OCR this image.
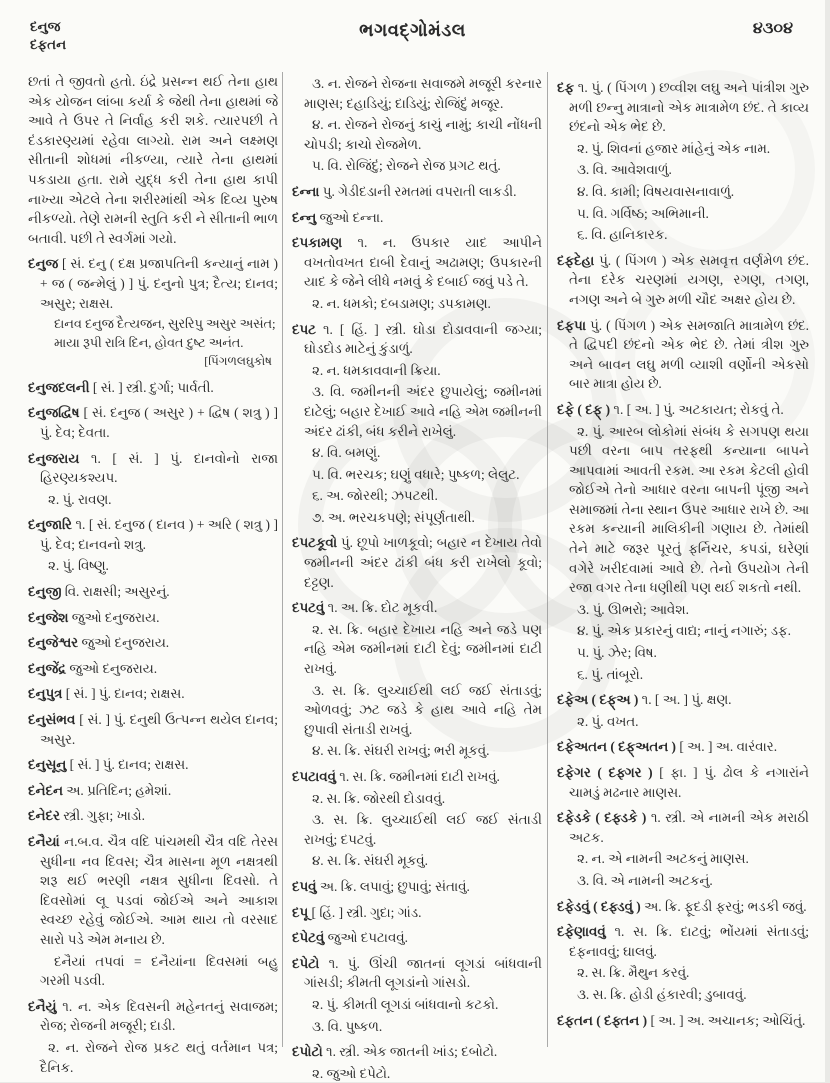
દનુજ
દફતન
ભગવદ્ગોમંડલ	૪૩૦૪

છતાં તે જીવતો હતો. ઇંદ્રે પ્રસન્ન થઈ તેના હાથ એક યોજન લાંબા કર્યા કે જેથી તેના હાથમાં જે આવે તે ઉપર તે નિર્વાહ કરી શકે. ત્યારપછી તે દંડકારણ્યમાં રહેવા લાગ્યો. રામ અને લક્ષ્મણ સીતાની શોધમાં નીકળ્યા, ત્યારે તેના હાથમાં પકડાયા હતા. રામે યુદ્ધ કરી તેના હાથ કાપી નાખ્યા એટલે તેના શરીરમાંથી એક દિવ્ય પુરુષ નીકળ્યો. તેણે રામની સ્તુતિ કરી ને સીતાની ભાળ બતાવી. પછી તે સ્વર્ગમાં ગયો.

દનુજ [ સં. દનુ ( દક્ષ પ્રજાપતિની કન્યાનું નામ ) + જ ( જન્મેલું ) ] પું. દનુનો પુત્ર; દૈત્ય; દાનવ; અસુર; રાક્ષસ.

દાનવ દનુજ દૈત્યજન, સુરરિપુ અસુર અસંત;
માયા રૂપી રાત્રિ દિન, હોવત દુષ્ટ અનંત.

[પિંગળલઘુકોષ

દનુજદલની [ સં. ] સ્ત્રી. દુર્ગા; પાર્વતી.

દનુજદ્વિષ [ સં. દનુજ ( અસુર ) + દ્વિષ ( શત્રુ ) ] પું. દેવ; દેવતા.

દનુજરાય ૧. [ સં. ] પું. દાનવોનો રાજા હિરણ્યકશ્યપ.

૨. પું. રાવણ.

દનુજારિ ૧. [ સં. દનુજ ( દાનવ ) + અરિ ( શત્રુ ) ] પું. દેવ; દાનવનો શત્રુ.

૨. પું. વિષ્ણુ.

દનુજી વિ. રાક્ષસી; અસુરનું.

દનુજેશ જુઓ દનુજરાય.

દનુજેશ્વર જુઓ દનુજરાય.

દનુજેંદ્ર જુઓ દનુજરાય.

દનુપુત્ર [ સં. ] પું. દાનવ; રાક્ષસ.

દનુસંભવ [ સં. ] પું. દનુથી ઉત્પન્ન થયેલ દાનવ; અસુર.

દનુસૂનુ [ સં. ] પું. દાનવ; રાક્ષસ.

દનેદન અ. પ્રતિદિન; હમેશાં.

દનેદર સ્ત્રી. ગુફા; ખાડો.

દનૈયાં ન.બ.વ. ચૈત્ર વદિ પાંચમથી ચૈત્ર વદિ તેરસ સુધીના નવ દિવસ; ચૈત્ર માસના મૂળ નક્ષત્રથી શરૂ થઈ ભરણી નક્ષત્ર સુધીના દિવસો. તે દિવસોમાં લૂ પડવાં જોઈએ અને આકાશ સ્વચ્છ રહેવું જોઈએ. આમ થાય તો વરસાદ સારો પડે એમ મનાય છે.

દનૈયાં તપવાં = દનૈયાંના દિવસમાં બહુ ગરમી પડવી.

દનૈયું ૧. ન. એક દિવસની મહેનતનું સવાજમ; રોજ; રોજની મજૂરી; દાડી.

૨. ન. રોજને રોજ પ્રકટ થતું વર્તમાન પત્ર; દૈનિક.

૩. ન. રોજને રોજના સવાજમે મજૂરી કરનાર માણસ; દહાડિયું; દાડિયું; રોજિંદું મજૂર.

૪. ન. રોજને રોજનું કાચું નામું; કાચી નોંધની ચોપડી; કાચો રોજમેળ.

૫. વિ. રોજિંદું; રોજને રોજ પ્રગટ થતું.

દન્ના પુ. ગેડીદડાની રમતમાં વપરાતી લાકડી.

દન્નુ જુઓ દન્ના.

દપકામણ ૧. ન. ઉપકાર યાદ આપીને વખતોવખત દાબી દેવાનું અઢામણ; ઉપકારની યાદ કે જેને લીધે નમવું કે દબાઈ જવું પડે તે.

૨. ન. ધમકો; દબડામણ; ડપકામણ.

દપટ ૧. [ હિં. ] સ્ત્રી. ઘોડા દોડાવવાની જગ્યા; ઘોડદોડ માટેનું કુંડાળું.

૨. ન. ધમકાવવાની ક્રિયા.

૩. વિ. જમીનની અંદર છુપાયેલું; જમીનમાં દાટેલું; બહાર દેખાઈ આવે નહિ એમ જમીનની અંદર ઢાંકી, બંધ કરીને રાખેલું.

૪. વિ. બમણું.

૫. વિ. ભરચક; ઘણું વધારે; પુષ્કળ; લેલુટ.

૬. અ. જોરથી; ઝપટથી.

૭. અ. ભરચકપણે; સંપૂર્ણતાથી.

દપટકૂવો પું. છૂપો ખાળકૂવો; બહાર ન દેખાય તેવો જમીનની અંદર ઢાંકી બંધ કરી રાખેલો કૂવો; દટ્ટણ.

દપટવું ૧. અ. ક્રિ. દોટ મૂકવી.

૨. સ. ક્રિ. બહાર દેખાય નહિ અને જડે પણ નહિ એમ જમીનમાં દાટી દેવું; જમીનમાં દાટી રાખવું.

૩. સ. ક્રિ. લુચ્ચાઈથી લઈ જઈ સંતાડવું; ઓળવવું; ઝટ જડે કે હાથ આવે નહિ તેમ છુપાવી સંતાડી રાખવું.

૪. સ. ક્રિ. સંઘરી રાખવું; ભરી મૂકવું.

દપટાવવું ૧. સ. ક્રિ. જમીનમાં દાટી રાખવું.

૨. સ. ક્રિ. જોરથી દોડાવવું.

૩. સ. ક્રિ. લુચ્ચાઈથી લઈ જઈ સંતાડી રાખવું; દપટવું.

૪. સ. ક્રિ. સંઘરી મૂકવું.

દપવું અ. ક્રિ. લપાવું; છુપાવું; સંતાવું.

દપૂ [ હિં. ] સ્ત્રી. ગુદા; ગાંડ.

દપેટવું જુઓ દપટાવવું.

દપેટો ૧. પું. ઊંચી જાતનાં લૂગડાં બાંધવાની ગાંસડી; કીમતી લૂગડાંનો ગાંસડો.

૨. પું. કીમતી લૂગડાં બાંધવાનો કટકો.

૩. વિ. પુષ્કળ.

દપોટો ૧. સ્ત્રી. એક જાતની ખાંડ; દબોટો.

૨. જુઓ દપેટો.

દફ ૧. પું. ( પિંગળ ) છવ્વીશ લઘુ અને પાંત્રીશ ગુરુ મળી છન્નુ માત્રાનો એક માત્રામેળ છંદ. તે કાવ્ય છંદનો એક ભેદ છે.

૨. પું. શિવનાં હજાર માંહેનું એક નામ.

૩. વિ. આવેશવાળું.

૪. વિ. કામી; વિષયવાસનાવાળું.

૫. વિ. ગર્વિષ્ઠ; અભિમાની.

૬. વિ. હાનિકારક.

દફદેહા પું. ( પિંગળ ) એક સમવૃત્ત વર્ણમેળ છંદ. તેના દરેક ચરણમાં યગણ, રગણ, તગણ, નગણ અને બે ગુરુ મળી ચૌદ અક્ષર હોય છે.

દફપા પું. ( પિંગળ ) એક સમજાતિ માત્રામેળ છંદ. તે દ્વિપદી છંદનો એક ભેદ છે. તેમાં ત્રીશ ગુરુ અને બાવન લઘુ મળી વ્યાશી વર્ણોની એકસો બાર માત્રા હોય છે.

દફે ( દફ્ ) ૧. [ અ. ] પું. અટકાયત; રોકવું તે.

૨. પું. આરબ લોકોમાં સંબંધ કે સગપણ થયા પછી વરના બાપ તરફથી કન્યાના બાપને આપવામાં આવતી રકમ. આ રકમ કેટલી હોવી જોઈએ તેનો આધાર વરના બાપની પૂંજી અને સમાજમાં તેના સ્થાન ઉપર આધાર રાખે છે. આ રકમ કન્યાની માલિકીની ગણાય છે. તેમાંથી તેને માટે જરૂર પૂરતું ફર્નિચર, કપડાં, ઘરેણાં વગેરે ખરીદવામાં આવે છે. તેનો ઉપયોગ તેની રજા વગર તેના ધણીથી પણ થઈ શકતો નથી.

૩. પું. ઊભરો; આવેશ.

૪. પું. એક પ્રકારનું વાદ્ય; નાનું નગારું; ડફ.

૫. પું. ઝેર; વિષ.

૬. પું. તાંબૂરો.

દફેઅ ( દફ્અ ) ૧. [ અ. ] પું. ક્ષણ.

૨. પું. વખત.

દફેઅતન ( દફ્અતન ) [ અ. ] અ. વારંવાર.

દફેગર ( દફ્ગર ) [ ફા. ] પું. ઢોલ કે નગારાંને ચામડું મઢનાર માણસ.

દફેડકે ( દફ્ડકે ) ૧. સ્ત્રી. એ નામની એક મરાઠી અટક.

૨. ન. એ નામની અટકનું માણસ.

૩. વિ. એ નામની અટકનું.

દફેડવું ( દફ્ડવું ) અ. ક્રિ. ફૂદડી ફરવું; ભડકી જવું.

દફેણાવવું ૧. સ. ક્રિ. દાટવું; ભોંયમાં સંતાડવું; દફનાવવું; ઘાલવું.

૨. સ. ક્રિ. મૈથુન કરવું.

૩. સ. ક્રિ. હોડી હંકારવી; ડુબાવવું.

દફતન ( દફ્તન ) [ અ. ] અ. અચાનક; ઓચિંતું.
